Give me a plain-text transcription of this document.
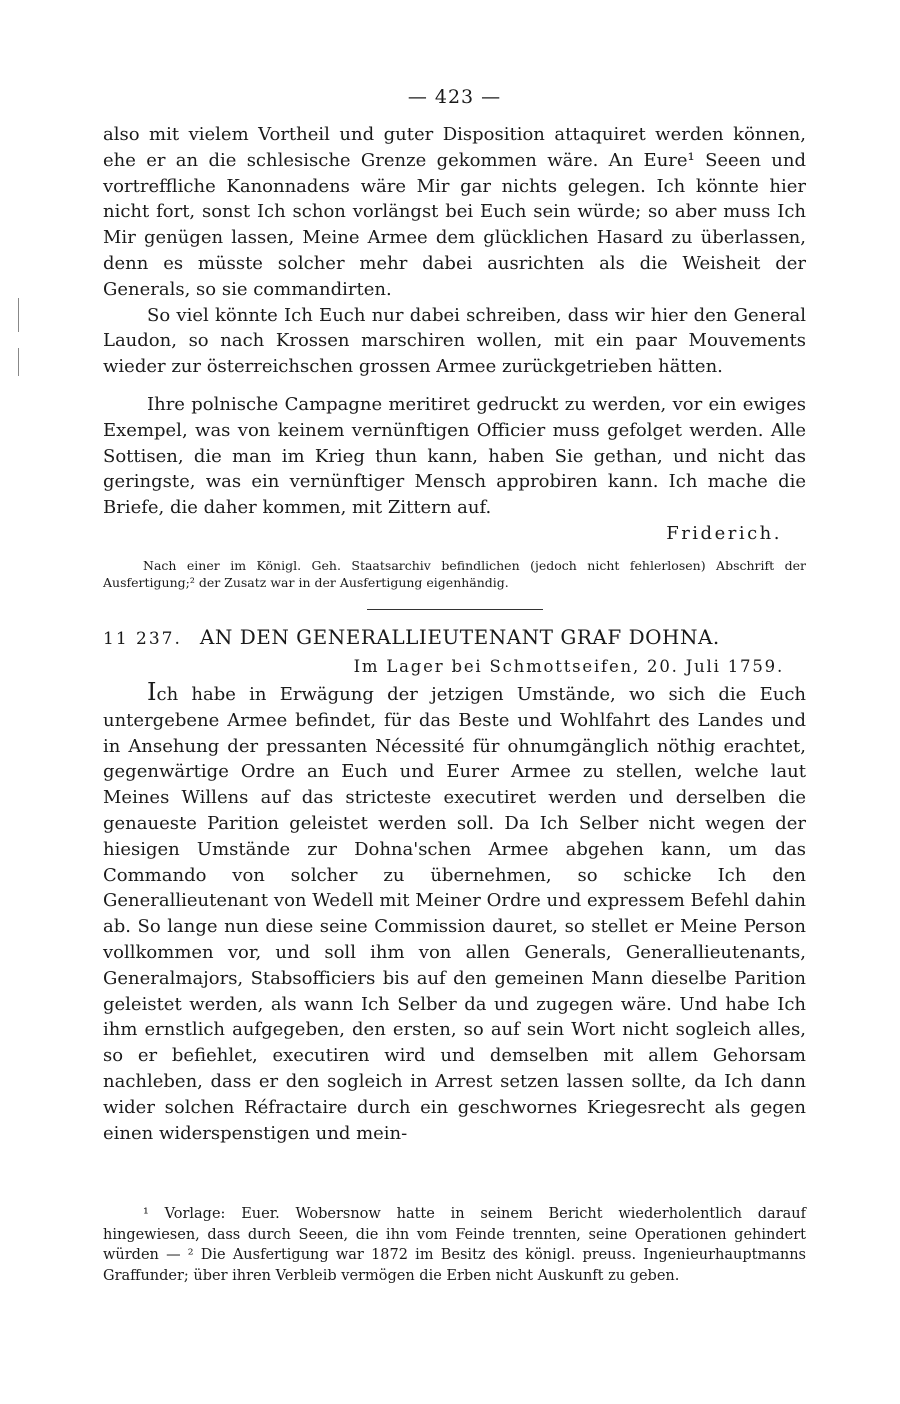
— 423 —

also mit vielem Vortheil und guter Disposition attaquiret werden können, ehe er an die schlesische Grenze gekommen wäre. An Eure¹ Seeen und vortreffliche Kanonnadens wäre Mir gar nichts gelegen. Ich könnte hier nicht fort, sonst Ich schon vorlängst bei Euch sein würde; so aber muss Ich Mir genügen lassen, Meine Armee dem glücklichen Hasard zu überlassen, denn es müsste solcher mehr dabei ausrichten als die Weisheit der Generals, so sie commandirten.

So viel könnte Ich Euch nur dabei schreiben, dass wir hier den General Laudon, so nach Krossen marschiren wollen, mit ein paar Mouvements wieder zur österreichschen grossen Armee zurückgetrieben hätten.

Ihre polnische Campagne meritiret gedruckt zu werden, vor ein ewiges Exempel, was von keinem vernünftigen Officier muss gefolget werden. Alle Sottisen, die man im Krieg thun kann, haben Sie gethan, und nicht das geringste, was ein vernünftiger Mensch approbiren kann. Ich mache die Briefe, die daher kommen, mit Zittern auf.

Friderich.

Nach einer im Königl. Geh. Staatsarchiv befindlichen (jedoch nicht fehlerlosen) Abschrift der Ausfertigung;² der Zusatz war in der Ausfertigung eigenhändig.

11 237. AN DEN GENERALLIEUTENANT GRAF DOHNA.
Im Lager bei Schmottseifen, 20. Juli 1759.

Ich habe in Erwägung der jetzigen Umstände, wo sich die Euch untergebene Armee befindet, für das Beste und Wohlfahrt des Landes und in Ansehung der pressanten Nécessité für ohnumgänglich nöthig erachtet, gegenwärtige Ordre an Euch und Eurer Armee zu stellen, welche laut Meines Willens auf das stricteste executiret werden und derselben die genaueste Parition geleistet werden soll. Da Ich Selber nicht wegen der hiesigen Umstände zur Dohna'schen Armee abgehen kann, um das Commando von solcher zu übernehmen, so schicke Ich den Generallieutenant von Wedell mit Meiner Ordre und expressem Befehl dahin ab. So lange nun diese seine Commission dauret, so stellet er Meine Person vollkommen vor, und soll ihm von allen Generals, Generallieutenants, Generalmajors, Stabsofficiers bis auf den gemeinen Mann dieselbe Parition geleistet werden, als wann Ich Selber da und zugegen wäre. Und habe Ich ihm ernstlich aufgegeben, den ersten, so auf sein Wort nicht sogleich alles, so er befiehlet, executiren wird und demselben mit allem Gehorsam nachleben, dass er den sogleich in Arrest setzen lassen sollte, da Ich dann wider solchen Réfractaire durch ein geschwornes Kriegesrecht als gegen einen widerspenstigen und mein-

¹ Vorlage: Euer. Wobersnow hatte in seinem Bericht wiederholentlich darauf hingewiesen, dass durch Seeen, die ihn vom Feinde trennten, seine Operationen gehindert würden — ² Die Ausfertigung war 1872 im Besitz des königl. preuss. Ingenieurhauptmanns Graffunder; über ihren Verbleib vermögen die Erben nicht Auskunft zu geben.
